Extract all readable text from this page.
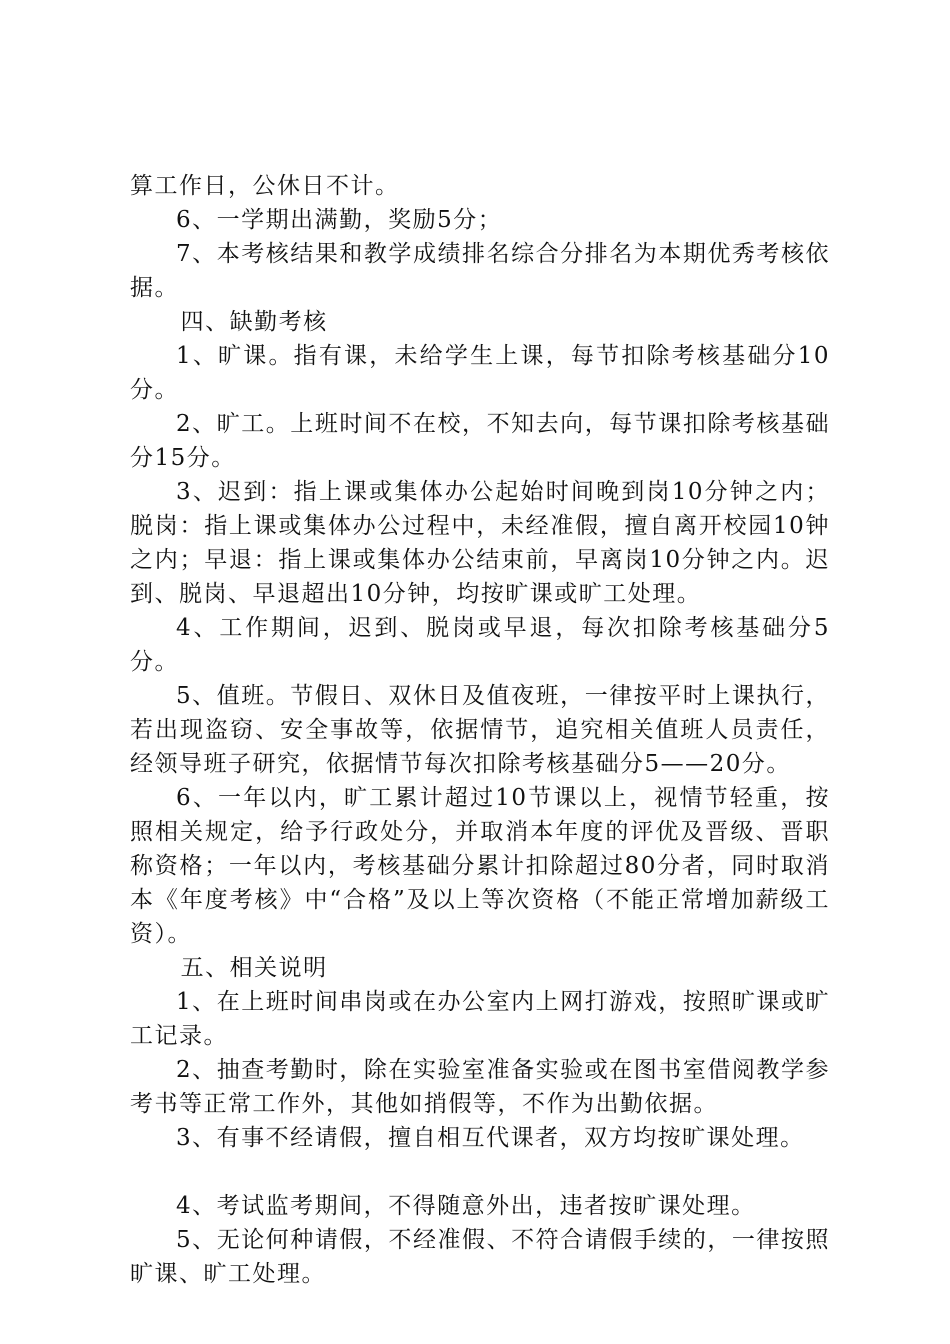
算工作日，公休日不计。

6、一学期出满勤，奖励5分；

7、本考核结果和教学成绩排名综合分排名为本期优秀考核依据。

四、缺勤考核

1、旷课。指有课，未给学生上课，每节扣除考核基础分10分。

2、旷工。上班时间不在校，不知去向，每节课扣除考核基础分15分。

3、迟到：指上课或集体办公起始时间晚到岗10分钟之内；脱岗：指上课或集体办公过程中，未经准假，擅自离开校园10钟之内；早退：指上课或集体办公结束前，早离岗10分钟之内。迟到、脱岗、早退超出10分钟，均按旷课或旷工处理。

4、工作期间，迟到、脱岗或早退，每次扣除考核基础分5分。

5、值班。节假日、双休日及值夜班，一律按平时上课执行，若出现盗窃、安全事故等，依据情节，追究相关值班人员责任，经领导班子研究，依据情节每次扣除考核基础分5——20分。

6、一年以内，旷工累计超过10节课以上，视情节轻重，按照相关规定，给予行政处分，并取消本年度的评优及晋级、晋职称资格；一年以内，考核基础分累计扣除超过80分者，同时取消本《年度考核》中“合格”及以上等次资格（不能正常增加薪级工资）。

五、相关说明

1、在上班时间串岗或在办公室内上网打游戏，按照旷课或旷工记录。

2、抽查考勤时，除在实验室准备实验或在图书室借阅教学参考书等正常工作外，其他如捎假等，不作为出勤依据。

3、有事不经请假，擅自相互代课者，双方均按旷课处理。

4、考试监考期间，不得随意外出，违者按旷课处理。

5、无论何种请假，不经准假、不符合请假手续的，一律按照旷课、旷工处理。
